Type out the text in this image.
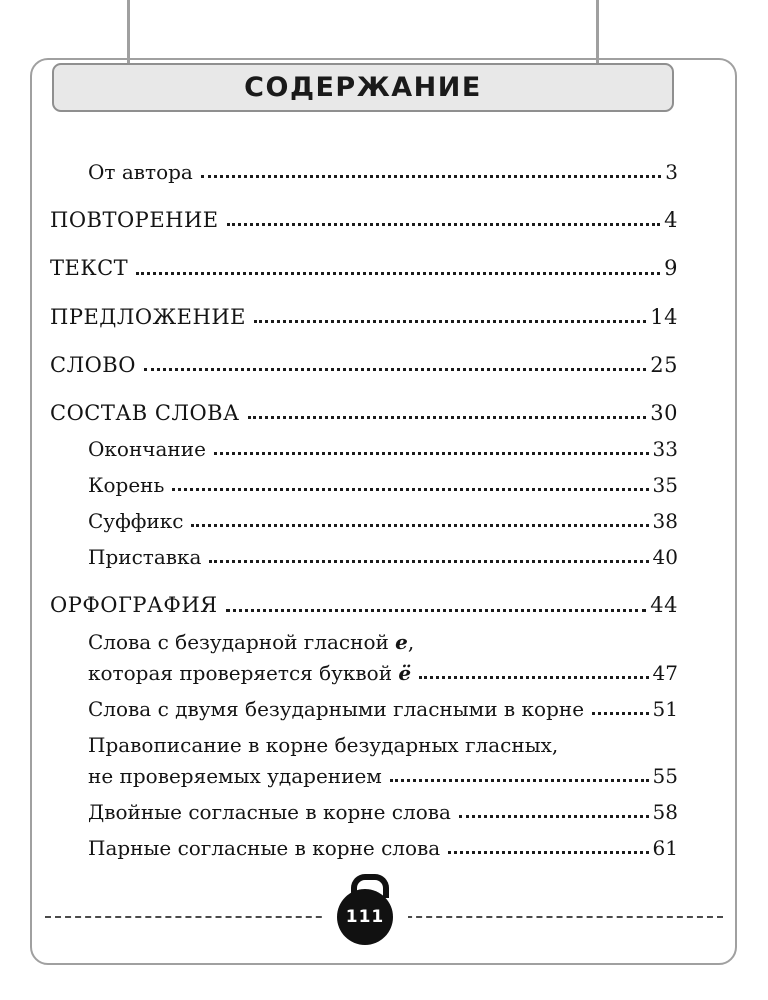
СОДЕРЖАНИЕ
От автора	3
ПОВТОРЕНИЕ	4
ТЕКСТ	9
ПРЕДЛОЖЕНИЕ	14
СЛОВО	25
СОСТАВ СЛОВА	30
Окончание	33
Корень	35
Суффикс	38
Приставка	40
ОРФОГРАФИЯ	44
Слова с безударной гласной е,
которая проверяется буквой ё	47
Слова с двумя безударными гласными в корне	51
Правописание в корне безударных гласных,
не проверяемых ударением	55
Двойные согласные в корне слова	58
Парные согласные в корне слова	61
111
